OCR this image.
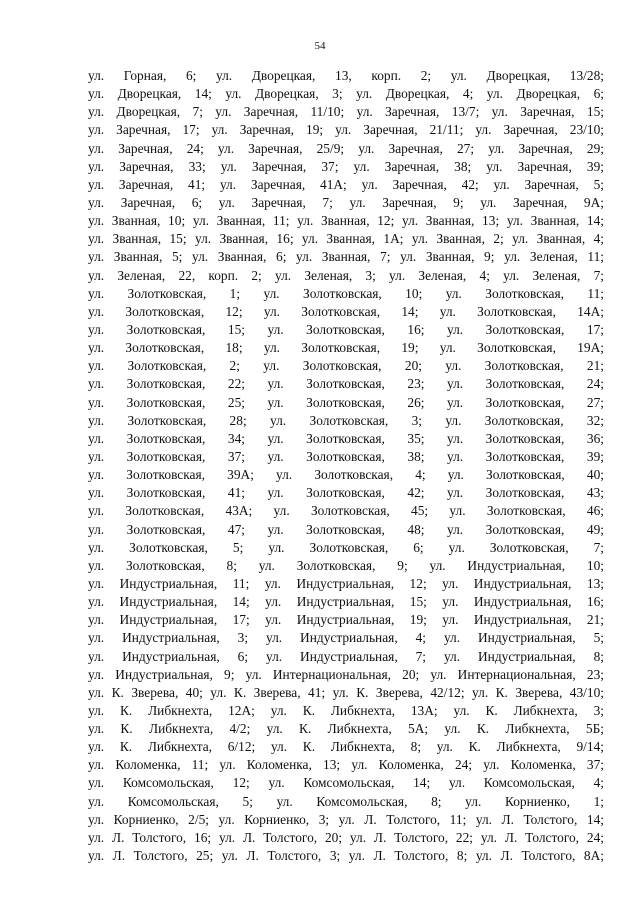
54
ул. Горная, 6; ул. Дворецкая, 13, корп. 2; ул. Дворецкая, 13/28;
ул. Дворецкая, 14; ул. Дворецкая, 3; ул. Дворецкая, 4; ул. Дворецкая, 6;
ул. Дворецкая, 7; ул. Заречная, 11/10; ул. Заречная, 13/7; ул. Заречная, 15;
ул. Заречная, 17; ул. Заречная, 19; ул. Заречная, 21/11; ул. Заречная, 23/10;
ул. Заречная, 24; ул. Заречная, 25/9; ул. Заречная, 27; ул. Заречная, 29;
ул. Заречная, 33; ул. Заречная, 37; ул. Заречная, 38; ул. Заречная, 39;
ул. Заречная, 41; ул. Заречная, 41А; ул. Заречная, 42; ул. Заречная, 5;
ул. Заречная, 6; ул. Заречная, 7; ул. Заречная, 9; ул. Заречная, 9А;
ул. Званная, 10; ул. Званная, 11; ул. Званная, 12; ул. Званная, 13; ул. Званная, 14;
ул. Званная, 15; ул. Званная, 16; ул. Званная, 1А; ул. Званная, 2; ул. Званная, 4;
ул. Званная, 5; ул. Званная, 6; ул. Званная, 7; ул. Званная, 9; ул. Зеленая, 11;
ул. Зеленая, 22, корп. 2; ул. Зеленая, 3; ул. Зеленая, 4; ул. Зеленая, 7;
ул. Золотковская, 1; ул. Золотковская, 10; ул. Золотковская, 11;
ул. Золотковская, 12; ул. Золотковская, 14; ул. Золотковская, 14А;
ул. Золотковская, 15; ул. Золотковская, 16; ул. Золотковская, 17;
ул. Золотковская, 18; ул. Золотковская, 19; ул. Золотковская, 19А;
ул. Золотковская, 2; ул. Золотковская, 20; ул. Золотковская, 21;
ул. Золотковская, 22; ул. Золотковская, 23; ул. Золотковская, 24;
ул. Золотковская, 25; ул. Золотковская, 26; ул. Золотковская, 27;
ул. Золотковская, 28; ул. Золотковская, 3; ул. Золотковская, 32;
ул. Золотковская, 34; ул. Золотковская, 35; ул. Золотковская, 36;
ул. Золотковская, 37; ул. Золотковская, 38; ул. Золотковская, 39;
ул. Золотковская, 39А; ул. Золотковская, 4; ул. Золотковская, 40;
ул. Золотковская, 41; ул. Золотковская, 42; ул. Золотковская, 43;
ул. Золотковская, 43А; ул. Золотковская, 45; ул. Золотковская, 46;
ул. Золотковская, 47; ул. Золотковская, 48; ул. Золотковская, 49;
ул. Золотковская, 5; ул. Золотковская, 6; ул. Золотковская, 7;
ул. Золотковская, 8; ул. Золотковская, 9; ул. Индустриальная, 10;
ул. Индустриальная, 11; ул. Индустриальная, 12; ул. Индустриальная, 13;
ул. Индустриальная, 14; ул. Индустриальная, 15; ул. Индустриальная, 16;
ул. Индустриальная, 17; ул. Индустриальная, 19; ул. Индустриальная, 21;
ул. Индустриальная, 3; ул. Индустриальная, 4; ул. Индустриальная, 5;
ул. Индустриальная, 6; ул. Индустриальная, 7; ул. Индустриальная, 8;
ул. Индустриальная, 9; ул. Интернациональная, 20; ул. Интернациональная, 23;
ул. К. Зверева, 40; ул. К. Зверева, 41; ул. К. Зверева, 42/12; ул. К. Зверева, 43/10;
ул. К. Либкнехта, 12А; ул. К. Либкнехта, 13А; ул. К. Либкнехта, 3;
ул. К. Либкнехта, 4/2; ул. К. Либкнехта, 5А; ул. К. Либкнехта, 5Б;
ул. К. Либкнехта, 6/12; ул. К. Либкнехта, 8; ул. К. Либкнехта, 9/14;
ул. Коломенка, 11; ул. Коломенка, 13; ул. Коломенка, 24; ул. Коломенка, 37;
ул. Комсомольская, 12; ул. Комсомольская, 14; ул. Комсомольская, 4;
ул. Комсомольская, 5; ул. Комсомольская, 8; ул. Корниенко, 1;
ул. Корниенко, 2/5; ул. Корниенко, 3; ул. Л. Толстого, 11; ул. Л. Толстого, 14;
ул. Л. Толстого, 16; ул. Л. Толстого, 20; ул. Л. Толстого, 22; ул. Л. Толстого, 24;
ул. Л. Толстого, 25; ул. Л. Толстого, 3; ул. Л. Толстого, 8; ул. Л. Толстого, 8А;
